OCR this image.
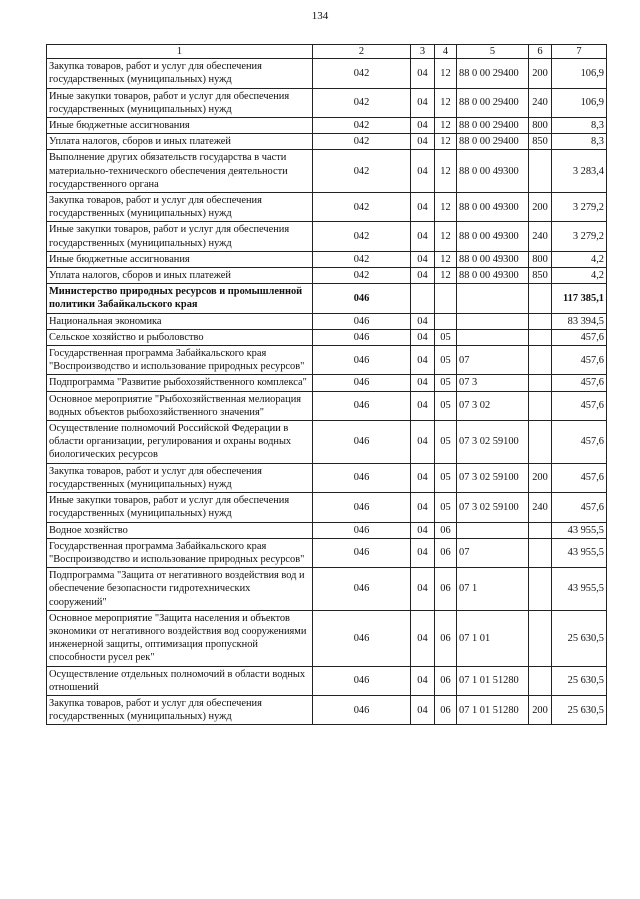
134
1	2	3	4	5	6	7
Закупка товаров, работ и услуг для обеспечения государственных (муниципальных) нужд	042	04	12	88 0 00 29400	200	106,9
Иные закупки товаров, работ и услуг для обеспечения государственных (муниципальных) нужд	042	04	12	88 0 00 29400	240	106,9
Иные бюджетные ассигнования	042	04	12	88 0 00 29400	800	8,3
Уплата налогов, сборов и иных платежей	042	04	12	88 0 00 29400	850	8,3
Выполнение других обязательств государства в части материально-технического обеспечения деятельности государственного органа	042	04	12	88 0 00 49300		3 283,4
Закупка товаров, работ и услуг для обеспечения государственных (муниципальных) нужд	042	04	12	88 0 00 49300	200	3 279,2
Иные закупки товаров, работ и услуг для обеспечения государственных (муниципальных) нужд	042	04	12	88 0 00 49300	240	3 279,2
Иные бюджетные ассигнования	042	04	12	88 0 00 49300	800	4,2
Уплата налогов, сборов и иных платежей	042	04	12	88 0 00 49300	850	4,2
Министерство природных ресурсов и промышленной политики Забайкальского края	046					117 385,1
Национальная экономика	046	04				83 394,5
Сельское хозяйство и рыболовство	046	04	05			457,6
Государственная программа Забайкальского края "Воспроизводство и использование природных ресурсов"	046	04	05	07		457,6
Подпрограмма "Развитие рыбохозяйственного комплекса"	046	04	05	07 3		457,6
Основное мероприятие "Рыбохозяйственная мелиорация водных объектов рыбохозяйственного значения"	046	04	05	07 3 02		457,6
Осуществление полномочий Российской Федерации в области организации, регулирования и охраны водных биологических ресурсов	046	04	05	07 3 02 59100		457,6
Закупка товаров, работ и услуг для обеспечения государственных (муниципальных) нужд	046	04	05	07 3 02 59100	200	457,6
Иные закупки товаров, работ и услуг для обеспечения государственных (муниципальных) нужд	046	04	05	07 3 02 59100	240	457,6
Водное хозяйство	046	04	06			43 955,5
Государственная программа Забайкальского края "Воспроизводство и использование природных ресурсов"	046	04	06	07		43 955,5
Подпрограмма "Защита от негативного воздействия вод и обеспечение безопасности гидротехнических сооружений"	046	04	06	07 1		43 955,5
Основное мероприятие "Защита населения и объектов экономики от негативного воздействия вод сооружениями инженерной защиты, оптимизация пропускной способности русел рек"	046	04	06	07 1 01		25 630,5
Осуществление отдельных полномочий в области водных отношений	046	04	06	07 1 01 51280		25 630,5
Закупка товаров, работ и услуг для обеспечения государственных (муниципальных) нужд	046	04	06	07 1 01 51280	200	25 630,5
